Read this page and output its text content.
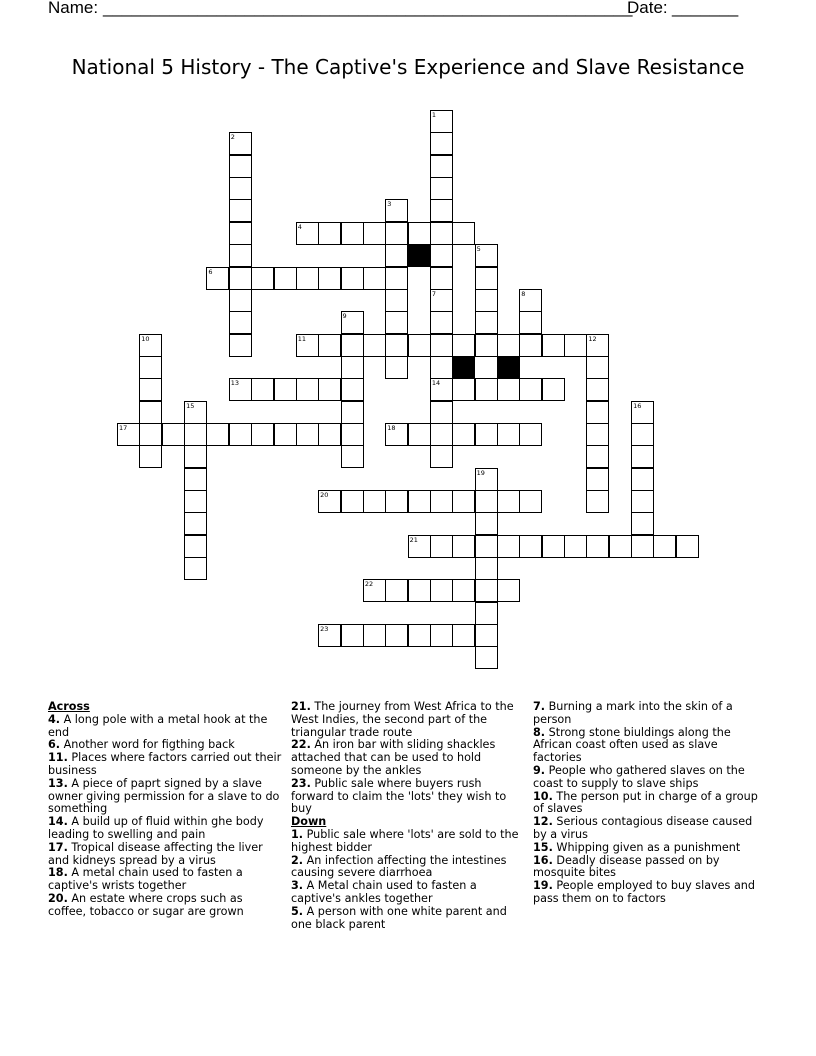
Name: ________________________________________________________
Date: _______
National 5 History - The Captive's Experience and Slave Resistance
1
7
14
2
3
4
5
6
8
9
10	11	12
13
15	16
17	18
19
20
21
22
23
Across
4. A long pole with a metal hook at the end
6. Another word for figthing back
11. Places where factors carried out their business
13. A piece of paprt signed by a slave owner giving permission for a slave to do something
14. A build up of fluid within ghe body leading to swelling and pain
17. Tropical disease affecting the liver and kidneys spread by a virus
18. A metal chain used to fasten a captive's wrists together
20. An estate where crops such as coffee, tobacco or sugar are grown
21. The journey from West Africa to the West Indies, the second part of the triangular trade route
22. An iron bar with sliding shackles attached that can be used to hold someone by the ankles
23. Public sale where buyers rush forward to claim the 'lots' they wish to buy
Down
1. Public sale where 'lots' are sold to the highest bidder
2. An infection affecting the intestines causing severe diarrhoea
3. A Metal chain used to fasten a captive's ankles together
5. A person with one white parent and one black parent
7. Burning a mark into the skin of a person
8. Strong stone biuldings along the African coast often used as slave factories
9. People who gathered slaves on the coast to supply to slave ships
10. The person put in charge of a group of slaves
12. Serious contagious disease caused by a virus
15. Whipping given as a punishment
16. Deadly disease passed on by mosquite bites
19. People employed to buy slaves and pass them on to factors
